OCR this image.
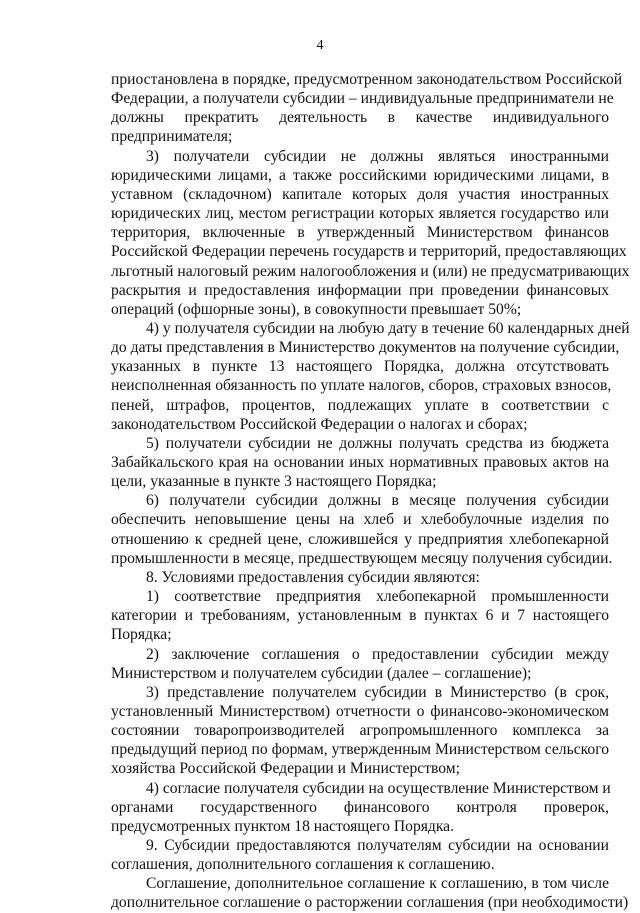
4
приостановлена в порядке, предусмотренном законодательством Российской
Федерации, а получатели субсидии – индивидуальные предприниматели не
должны прекратить деятельность в качестве индивидуального
предпринимателя;
3) получатели субсидии не должны являться иностранными
юридическими лицами, а также российскими юридическими лицами, в
уставном (складочном) капитале которых доля участия иностранных
юридических лиц, местом регистрации которых является государство или
территория, включенные в утвержденный Министерством финансов
Российской Федерации перечень государств и территорий, предоставляющих
льготный налоговый режим налогообложения и (или) не предусматривающих
раскрытия и предоставления информации при проведении финансовых
операций (офшорные зоны), в совокупности превышает 50%;
4) у получателя субсидии на любую дату в течение 60 календарных дней
до даты представления в Министерство документов на получение субсидии,
указанных в пункте 13 настоящего Порядка, должна отсутствовать
неисполненная обязанность по уплате налогов, сборов, страховых взносов,
пеней, штрафов, процентов, подлежащих уплате в соответствии с
законодательством Российской Федерации о налогах и сборах;
5) получатели субсидии не должны получать средства из бюджета
Забайкальского края на основании иных нормативных правовых актов на
цели, указанные в пункте 3 настоящего Порядка;
6) получатели субсидии должны в месяце получения субсидии
обеспечить неповышение цены на хлеб и хлебобулочные изделия по
отношению к средней цене, сложившейся у предприятия хлебопекарной
промышленности в месяце, предшествующем месяцу получения субсидии.
8. Условиями предоставления субсидии являются:
1) соответствие предприятия хлебопекарной промышленности
категории и требованиям, установленным в пунктах 6 и 7 настоящего
Порядка;
2) заключение соглашения о предоставлении субсидии между
Министерством и получателем субсидии (далее – соглашение);
3) представление получателем субсидии в Министерство (в срок,
установленный Министерством) отчетности о финансово-экономическом
состоянии товаропроизводителей агропромышленного комплекса за
предыдущий период по формам, утвержденным Министерством сельского
хозяйства Российской Федерации и Министерством;
4) согласие получателя субсидии на осуществление Министерством и
органами государственного финансового контроля проверок,
предусмотренных пунктом 18 настоящего Порядка.
9. Субсидии предоставляются получателям субсидии на основании
соглашения, дополнительного соглашения к соглашению.
Соглашение, дополнительное соглашение к соглашению, в том числе
дополнительное соглашение о расторжении соглашения (при необходимости)
